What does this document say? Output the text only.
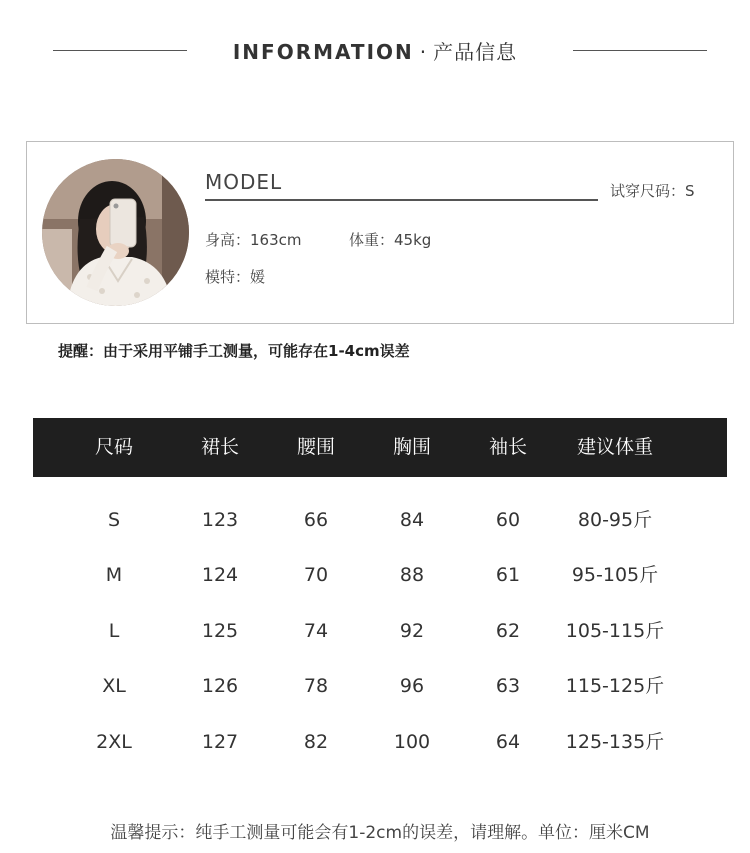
INFORMATION · 产品信息
MODEL	试穿尺码：S
身高：163cm	体重：45kg
模特：媛
提醒：由于采用平铺手工测量，可能存在1-4cm误差
尺码	裙长	腰围	胸围	袖长	建议体重
S	123	66	84	60	80-95斤
M	124	70	88	61	95-105斤
L	125	74	92	62	105-115斤
XL	126	78	96	63	115-125斤
2XL	127	82	100	64	125-135斤
温馨提示：纯手工测量可能会有1-2cm的误差，请理解。单位：厘米CM
